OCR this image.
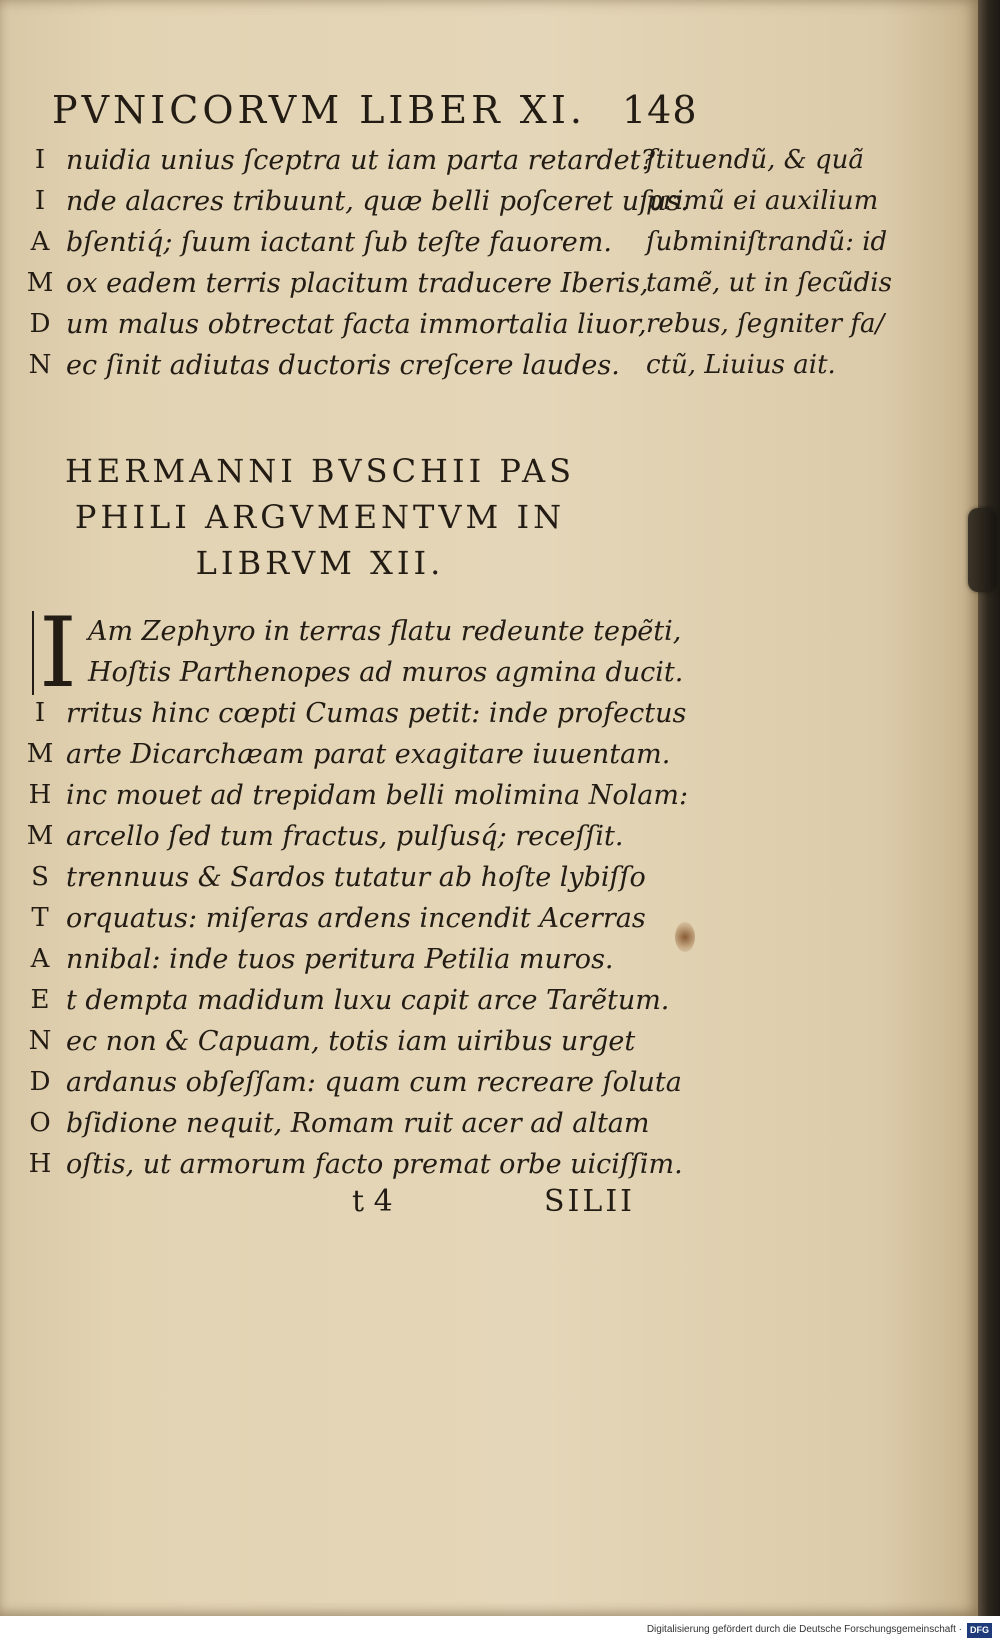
PVNICORVM LIBER XI. 148
I nuidia unius ſceptra ut iam parta retardet?
I nde alacres tribuunt, quæ belli poſceret uſus.
A bſentiq́; ſuum iactant ſub teſte fauorem.
M ox eadem terris placitum traducere Iberis,
D um malus obtrectat facta immortalia liuor,
N ec ſinit adiutas ductoris creſcere laudes.
ſtituendũ, & quã
primũ ei auxilium
ſubminiſtrandũ: id
tamẽ, ut in ſecũdis
rebus, ſegniter fa/
ctũ, Liuius ait.
HERMANNI BVSCHII PAS
PHILI ARGVMENTVM IN
LIBRVM XII.
I Am Zephyro in terras flatu redeunte tepẽti,
Hoſtis Parthenopes ad muros agmina ducit.
I rritus hinc cœpti Cumas petit: inde profectus
M arte Dicarchæam parat exagitare iuuentam.
H inc mouet ad trepidam belli molimina Nolam:
M arcello ſed tum fractus, pulſusq́; receſſit.
S trennuus & Sardos tutatur ab hoſte lybiſſo
T orquatus: miſeras ardens incendit Acerras
A nnibal: inde tuos peritura Petilia muros.
E t dempta madidum luxu capit arce Tarẽtum.
N ec non & Capuam, totis iam uiribus urget
D ardanus obſeſſam: quam cum recreare ſoluta
O bſidione nequit, Romam ruit acer ad altam
H oſtis, ut armorum facto premat orbe uiciſſim.
t 4	SILII
Digitalisierung gefördert durch die Deutsche Forschungsgemeinschaft · DFG
